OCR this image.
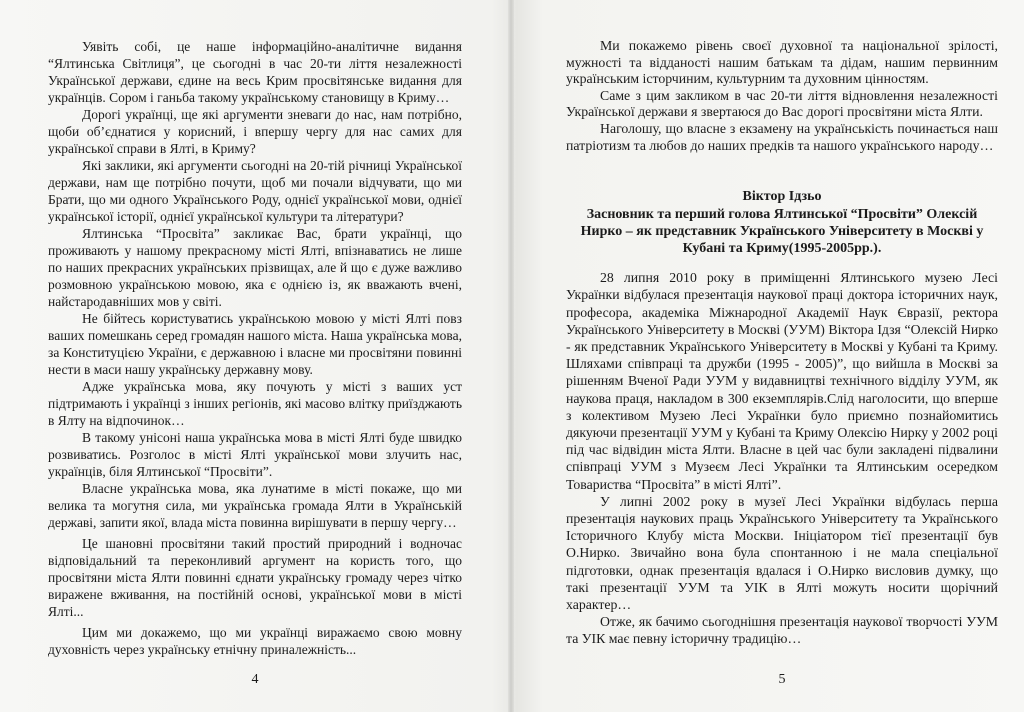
Уявіть собі, це наше інформаційно-аналітичне видання “Ялтинська Світлиця”, це сьогодні в час 20-ти ліття незалежності Української держави, єдине на весь Крим просвітянське видання для українців. Сором і ганьба такому українському становищу в Криму…

Дорогі українці, ще які аргументи зневаги до нас, нам потрібно, щоби об’єднатися у корисний, і впершу чергу для нас самих для української справи в Ялті, в Криму?

Які заклики, які аргументи сьогодні на 20-тій річниці Української держави, нам ще потрібно почути, щоб ми почали відчувати, що ми Брати, що ми одного Українського Роду, однієї української мови, однієї української історії, однієї української культури та літератури?

Ялтинська “Просвіта” закликає Вас, брати українці, що проживають у нашому прекрасному місті Ялті, впізнаватись не лише по наших прекрасних українських прізвищах, але й що є дуже важливо розмовною українською мовою, яка є однією із, як вважають вчені, найстародавніших мов у світі.

Не бійтесь користуватись українською мовою у місті Ялті повз ваших помешкань серед громадян нашого міста. Наша українська мова, за Конституцією України, є державною і власне ми просвітяни повинні нести в маси нашу українську державну мову.

Адже українська мова, яку почують у місті з ваших уст підтримають і українці з інших регіонів, які масово влітку приїзджають в Ялту на відпочинок…

В такому унісоні наша українська мова в місті Ялті буде швидко розвиватись. Розголос в місті Ялті української мови злучить нас, українців, біля Ялтинської “Просвіти”.

Власне українська мова, яка лунатиме в місті покаже, що ми велика та могутня сила, ми українська громада Ялти в Українській державі, запити якої, влада міста повинна вирішувати в першу чергу…

Це шановні просвітяни такий простий природний і водночас відповідальний та переконливий аргумент на користь того, що просвітяни міста Ялти повинні єднати українську громаду через чітко виражене вживання, на постійній основі, української мови в місті Ялті...

Цим ми докажемо, що ми українці виражаємо свою мовну духовність через українську етнічну приналежність...

4

Ми покажемо рівень своєї духовної та національної зрілості, мужності та відданості нашим батькам та дідам, нашим первинним українським історчиним, культурним та духовним цінностям.

Саме з цим закликом в час 20-ти ліття відновлення незалежності Української держави я звертаюся до Вас дорогі просвітяни міста Ялти.

Наголошу, що власне з екзамену на українськість починається наш патріотизм та любов до наших предків та нашого українського народу…

Віктор Ідзьо
Засновник та перший голова Ялтинської “Просвіти” Олексій Нирко – як представник Українського Університету в Москві у Кубані та Криму(1995-2005рр.).

28 липня 2010 року в приміщенні Ялтинського музею Лесі Українки відбулася презентація наукової праці доктора історичних наук, професора, академіка Міжнародної Академії Наук Євразії, ректора Українського Університету в Москві (УУМ) Віктора Ідзя “Олексій Нирко - як представник Українського Університету в Москві у Кубані та Криму. Шляхами співпраці та дружби (1995 - 2005)”, що вийшла в Москві за рішенням Вченої Ради УУМ у видавництві технічного відділу УУМ, як наукова праця, накладом в 300 екземплярів.Слід наголосити, що вперше з колективом Музею Лесі Українки було приємно познайомитись дякуючи презентації УУМ у Кубані та Криму Олексію Нирку у 2002 році під час відвідин міста Ялти. Власне в цей час були закладені підвалини співпраці УУМ з Музеєм Лесі Українки та Ялтинським осередком Товариства “Просвіта” в місті Ялті”.

У липні 2002 року в музеї Лесі Українки відбулась перша презентація наукових праць Українського Університету та Українського Історичного Клубу міста Москви. Ініціатором тієї презентації був О.Нирко. Звичайно вона була спонтанною і не мала спеціальної підготовки, однак презентація вдалася і О.Нирко висловив думку, що такі презентації УУМ та УІК в Ялті можуть носити щорічний характер…

Отже, як бачимо сьогоднішня презентація наукової творчості УУМ та УІК має певну історичну традицію…

5
